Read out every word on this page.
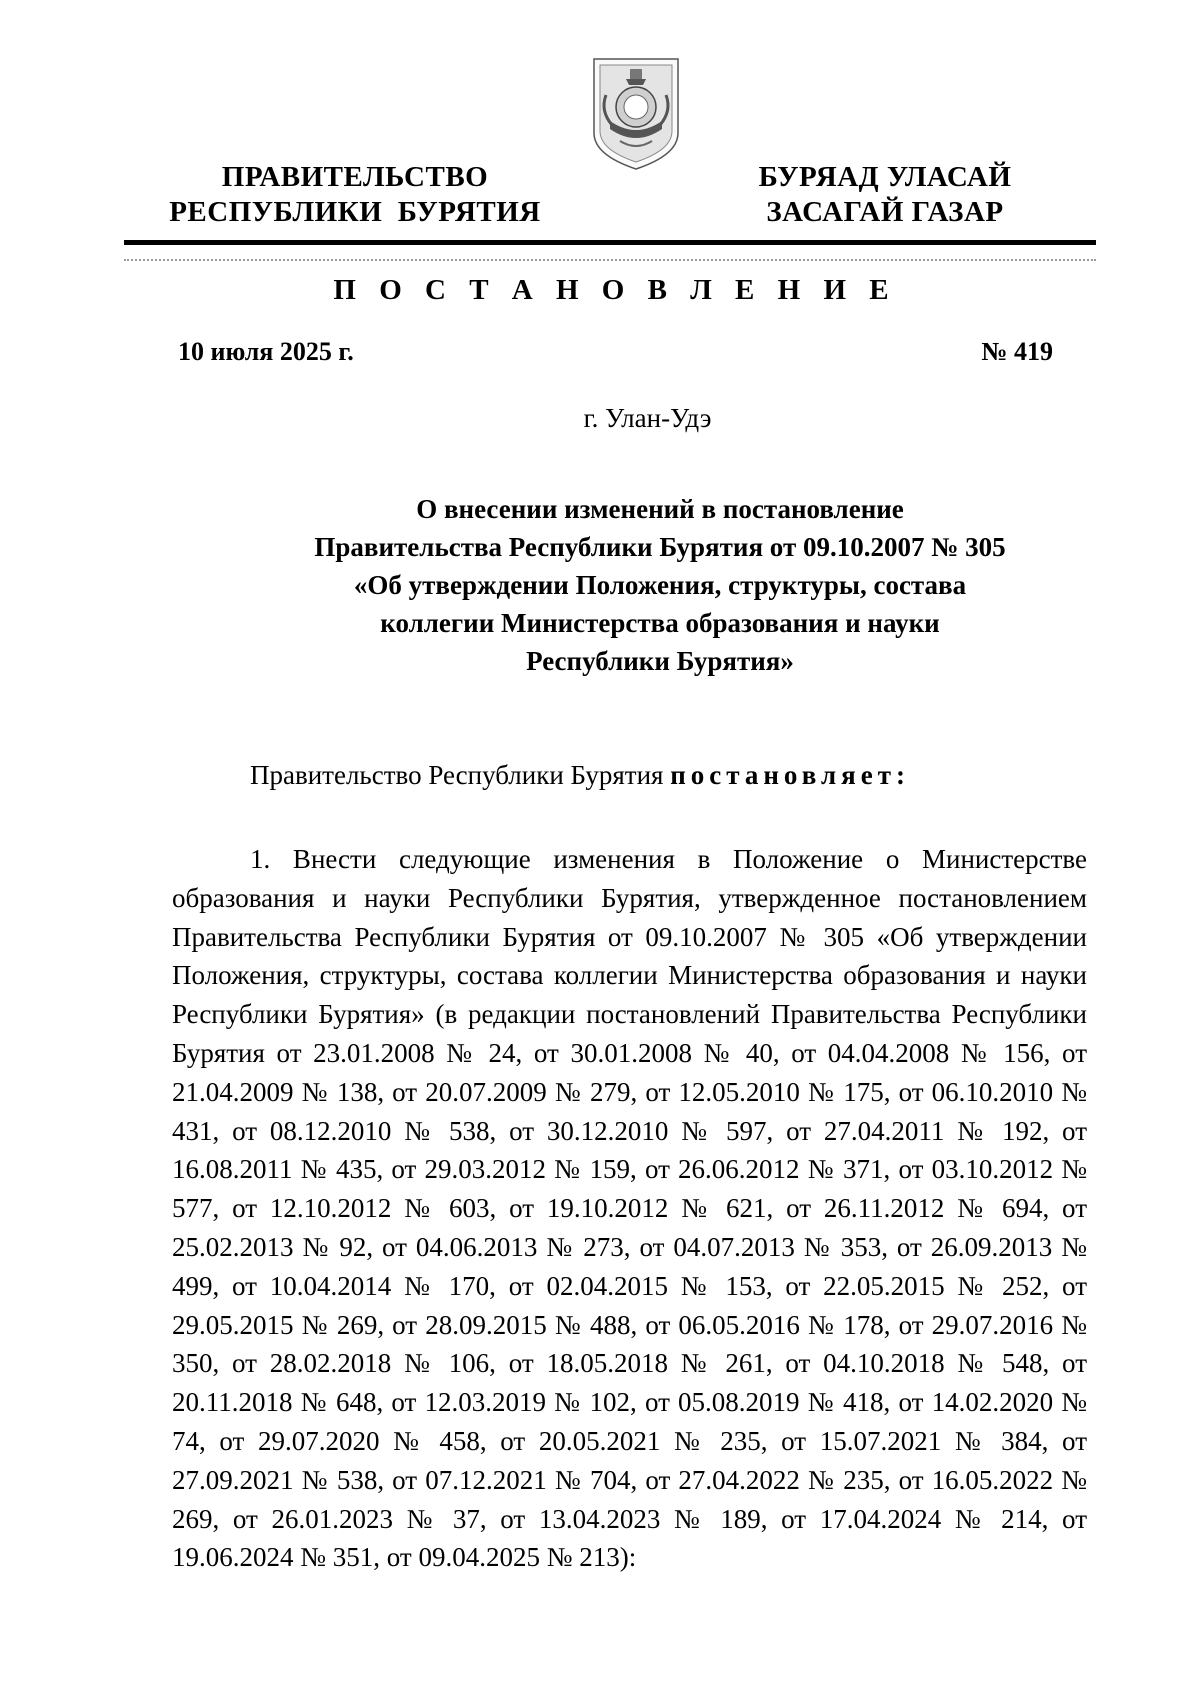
ПРАВИТЕЛЬСТВО
РЕСПУБЛИКИ  БУРЯТИЯ
БУРЯАД УЛАСАЙ
ЗАСАГАЙ ГАЗАР
П О С Т А Н О В Л Е Н И Е
10 июля 2025 г.	№ 419
г. Улан-Удэ
О внесении изменений в постановление
Правительства Республики Бурятия от 09.10.2007 № 305
«Об утверждении Положения, структуры, состава
коллегии Министерства образования и науки
Республики Бурятия»
Правительство Республики Бурятия постановляет:

1. Внести следующие изменения в Положение о Министерстве образования и науки Республики Бурятия, утвержденное постановлением Правительства Республики Бурятия от 09.10.2007 № 305 «Об утверждении Положения, структуры, состава коллегии Министерства образования и науки Республики Бурятия» (в редакции постановлений Правительства Республики Бурятия от 23.01.2008 № 24, от 30.01.2008 № 40, от 04.04.2008 № 156, от 21.04.2009 № 138, от 20.07.2009 № 279, от 12.05.2010 № 175, от 06.10.2010 № 431, от 08.12.2010 № 538, от 30.12.2010 № 597, от 27.04.2011 № 192, от 16.08.2011 № 435, от 29.03.2012 № 159, от 26.06.2012 № 371, от 03.10.2012 № 577, от 12.10.2012 № 603, от 19.10.2012 № 621, от 26.11.2012 № 694, от 25.02.2013 № 92, от 04.06.2013 № 273, от 04.07.2013 № 353, от 26.09.2013 № 499, от 10.04.2014 № 170, от 02.04.2015 № 153, от 22.05.2015 № 252, от 29.05.2015 № 269, от 28.09.2015 № 488, от 06.05.2016 № 178, от 29.07.2016 № 350, от 28.02.2018 № 106, от 18.05.2018 № 261, от 04.10.2018 № 548, от 20.11.2018 № 648, от 12.03.2019 № 102, от 05.08.2019 № 418, от 14.02.2020 № 74, от 29.07.2020 № 458, от 20.05.2021 № 235, от 15.07.2021 № 384, от 27.09.2021 № 538, от 07.12.2021 № 704, от 27.04.2022 № 235, от 16.05.2022 № 269, от 26.01.2023 № 37, от 13.04.2023 № 189, от 17.04.2024 № 214, от 19.06.2024 № 351, от 09.04.2025 № 213):
